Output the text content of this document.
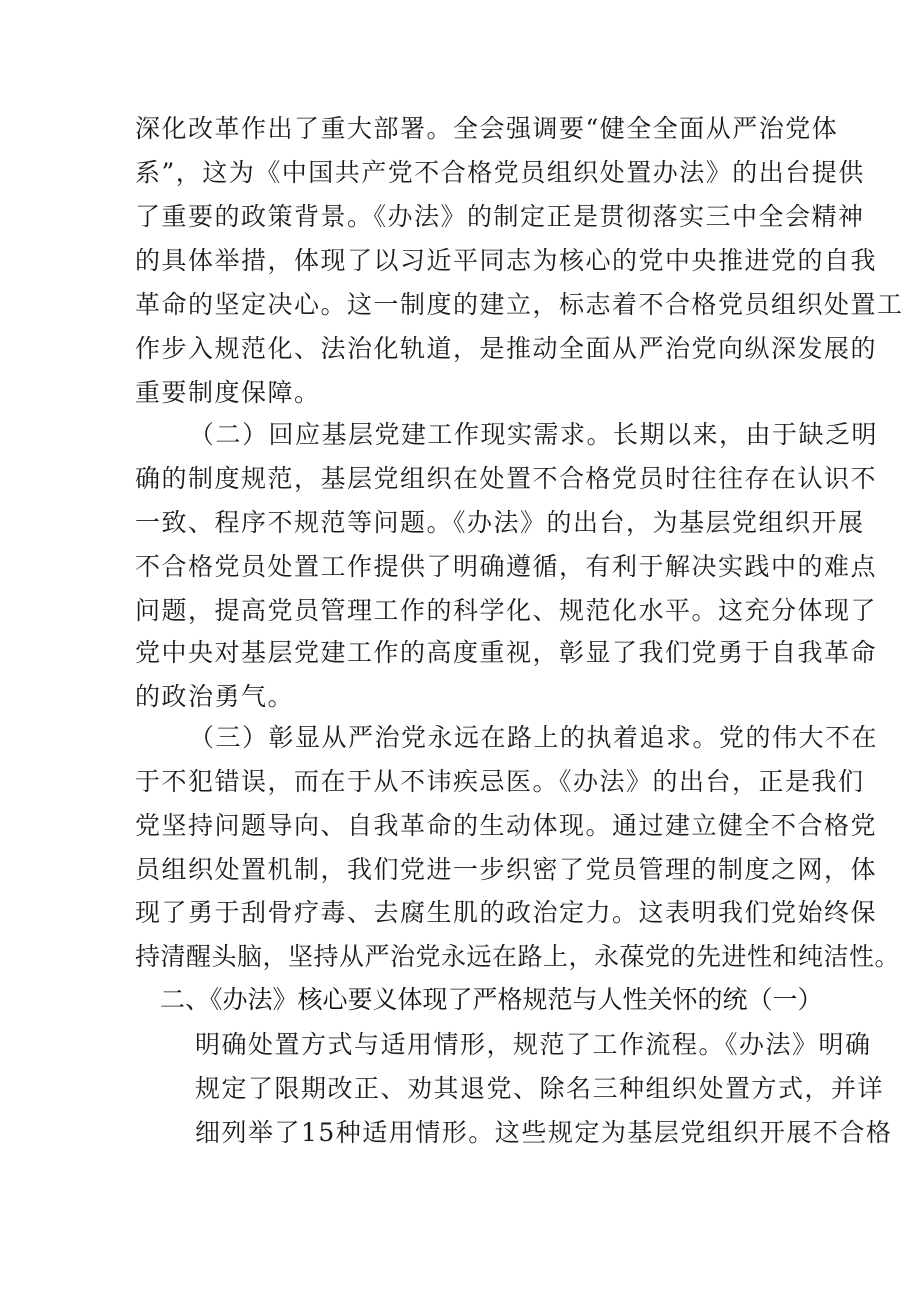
深化改革作出了重大部署。全会强调要“健全全面从严治党体
系”，这为《中国共产党不合格党员组织处置办法》的出台提供
了重要的政策背景。《办法》的制定正是贯彻落实三中全会精神
的具体举措，体现了以习近平同志为核心的党中央推进党的自我
革命的坚定决心。这一制度的建立，标志着不合格党员组织处置工
作步入规范化、法治化轨道，是推动全面从严治党向纵深发展的
重要制度保障。
（二）回应基层党建工作现实需求。长期以来，由于缺乏明
确的制度规范，基层党组织在处置不合格党员时往往存在认识不
一致、程序不规范等问题。《办法》的出台，为基层党组织开展
不合格党员处置工作提供了明确遵循，有利于解决实践中的难点
问题，提高党员管理工作的科学化、规范化水平。这充分体现了
党中央对基层党建工作的高度重视，彰显了我们党勇于自我革命
的政治勇气。
（三）彰显从严治党永远在路上的执着追求。党的伟大不在
于不犯错误，而在于从不讳疾忌医。《办法》的出台，正是我们
党坚持问题导向、自我革命的生动体现。通过建立健全不合格党
员组织处置机制，我们党进一步织密了党员管理的制度之网，体
现了勇于刮骨疗毒、去腐生肌的政治定力。这表明我们党始终保
持清醒头脑，坚持从严治党永远在路上，永葆党的先进性和纯洁性。
二、《办法》核心要义体现了严格规范与人性关怀的统（一）
明确处置方式与适用情形，规范了工作流程。《办法》明确
规定了限期改正、劝其退党、除名三种组织处置方式，并详
细列举了15种适用情形。这些规定为基层党组织开展不合格
